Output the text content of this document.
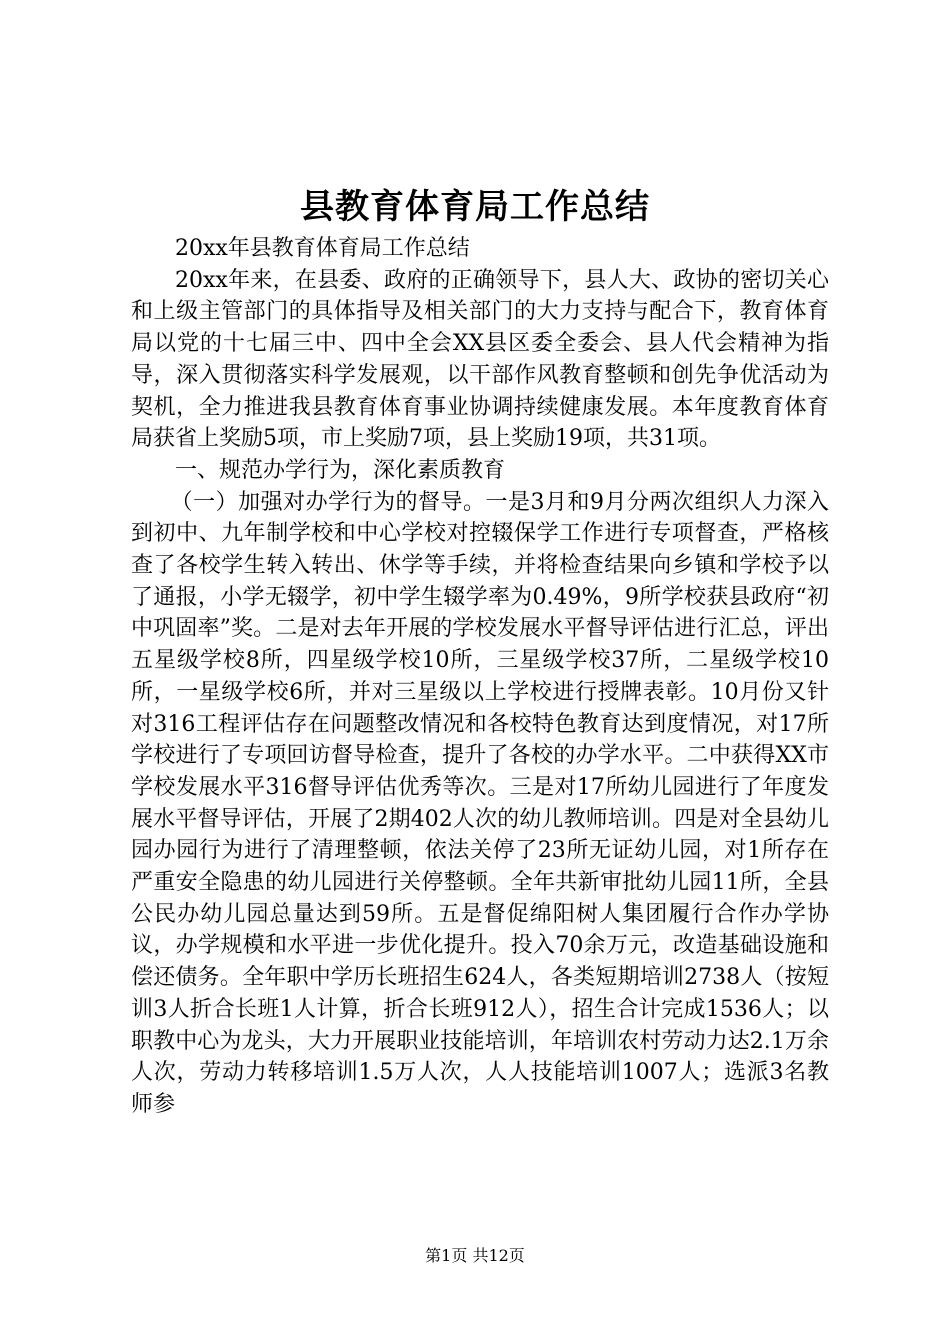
县教育体育局工作总结

20xx年县教育体育局工作总结

20xx年来，在县委、政府的正确领导下，县人大、政协的密切关心和上级主管部门的具体指导及相关部门的大力支持与配合下，教育体育局以党的十七届三中、四中全会XX县区委全委会、县人代会精神为指导，深入贯彻落实科学发展观，以干部作风教育整顿和创先争优活动为契机，全力推进我县教育体育事业协调持续健康发展。本年度教育体育局获省上奖励5项，市上奖励7项，县上奖励19项，共31项。

一、规范办学行为，深化素质教育

（一）加强对办学行为的督导。一是3月和9月分两次组织人力深入到初中、九年制学校和中心学校对控辍保学工作进行专项督查，严格核查了各校学生转入转出、休学等手续，并将检查结果向乡镇和学校予以了通报，小学无辍学，初中学生辍学率为0.49%，9所学校获县政府“初中巩固率”奖。二是对去年开展的学校发展水平督导评估进行汇总，评出五星级学校8所，四星级学校10所，三星级学校37所，二星级学校10所，一星级学校6所，并对三星级以上学校进行授牌表彰。10月份又针对316工程评估存在问题整改情况和各校特色教育达到度情况，对17所学校进行了专项回访督导检查，提升了各校的办学水平。二中获得XX市学校发展水平316督导评估优秀等次。三是对17所幼儿园进行了年度发展水平督导评估，开展了2期402人次的幼儿教师培训。四是对全县幼儿园办园行为进行了清理整顿，依法关停了23所无证幼儿园，对1所存在严重安全隐患的幼儿园进行关停整顿。全年共新审批幼儿园11所，全县公民办幼儿园总量达到59所。五是督促绵阳树人集团履行合作办学协议，办学规模和水平进一步优化提升。投入70余万元，改造基础设施和偿还债务。全年职中学历长班招生624人，各类短期培训2738人（按短训3人折合长班1人计算，折合长班912人），招生合计完成1536人；以职教中心为龙头，大力开展职业技能培训，年培训农村劳动力达2.1万余人次，劳动力转移培训1.5万人次，人人技能培训1007人；选派3名教师参

第1页 共12页
